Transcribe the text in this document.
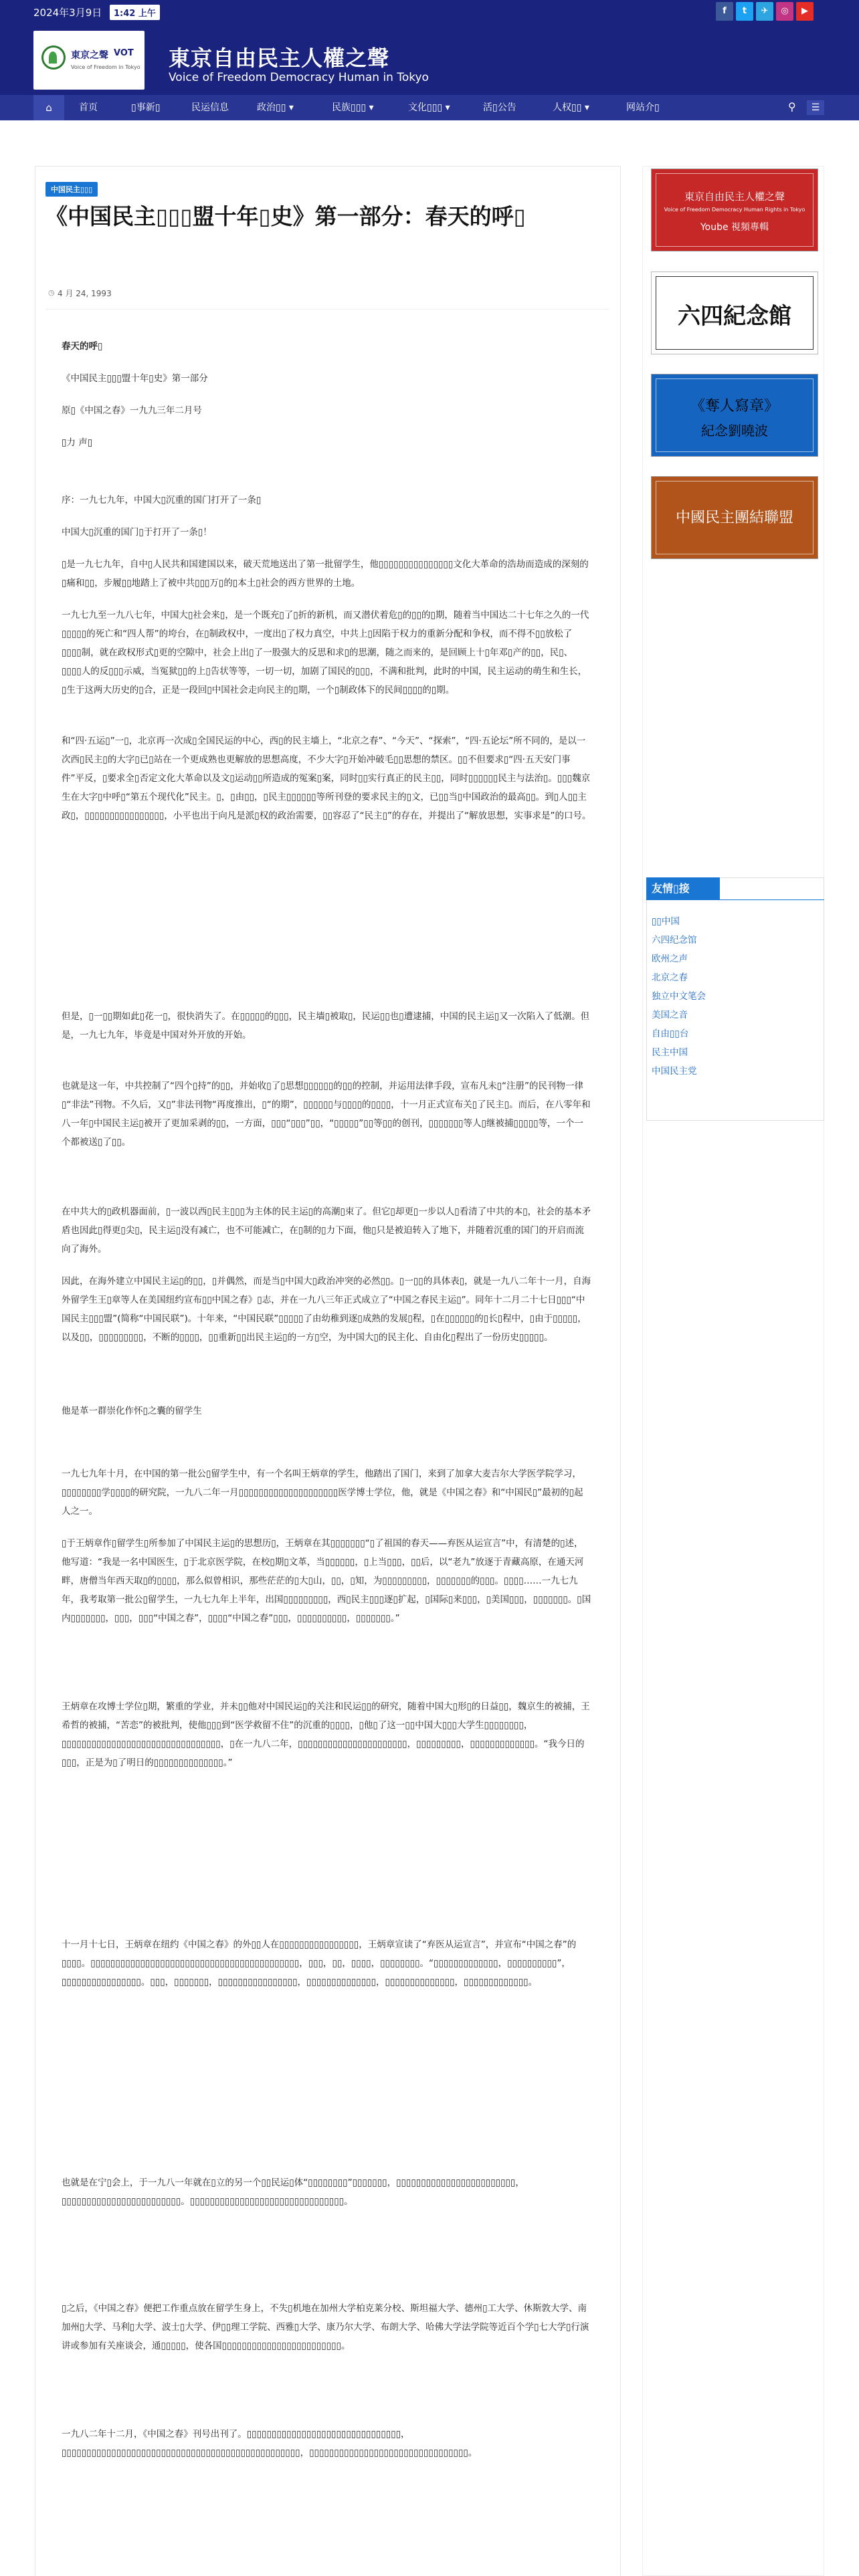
2024年3月9日	1:42 上午	f	t	✈	◎	▶
東京之聲 VOT
Voice of Freedom in Tokyo 東京自由民主人權之聲
Voice of Freedom Democracy Human in Tokyo
⌂	首页	▯事新▯	民运信息	政治▯▯ ▾	民族▯▯▯ ▾	文化▯▯▯ ▾	活▯公告	人权▯▯ ▾	网站介▯	⚲	☰
中国民主▯▯▯
《中国民主▯▯▯盟十年▯史》第一部分：春天的呼▯
◷ 4 月 24, 1993

春天的呼▯

《中国民主▯▯▯盟十年▯史》第一部分

原▯《中国之春》一九九三年二月号

▯力 声▯

序：一九七九年，中国大▯沉重的国门打开了一条▯

中国大▯沉重的国门▯于打开了一条▯！

▯是一九七九年，自中▯人民共和国建国以来，破天荒地送出了第一批留学生，他▯▯▯▯▯▯▯▯▯▯▯▯▯▯▯文化大革命的浩劫而造成的深刻的▯痛和▯▯，步履▯▯地踏上了被中共▯▯▯万▯的▯本土▯社会的西方世界的土地。

一九七九至一九八七年，中国大▯社会来▯，是一个既充▯了▯折的新机，而又潜伏着危▯的▯▯的▯期，随着当中国达二十七年之久的一代▯▯▯▯▯的死亡和“四人帮”的垮台，在▯制政权中，一度出▯了权力真空，中共上▯因陷于权力的重新分配和争权，而不得不▯▯放松了▯▯▯▯制，就在政权形式▯更的空隙中，社会上出▯了一股强大的反思和求▯的思潮，随之而来的，是回顾上十▯年邓▯产的▯▯，民▯、▯▯▯▯人的反▯▯▯示威，当冤狱▯▯的上▯告状等等，一切一切，加剧了国民的▯▯▯，不满和批判，此时的中国，民主运动的萌生和生长，▯生于这两大历史的▯合，正是一段回▯中国社会走向民主的▯期，一个▯制政体下的民间▯▯▯▯的▯期。

和“四·五运▯”一▯，北京再一次成▯全国民运的中心，西▯的民主墙上，“北京之春”、“今天”、“探索”，“四·五论坛”所不同的，是以一次西▯民主▯的大字▯已▯站在一个更成熟也更解放的思想高度，不少大字▯开始冲破毛▯▯思想的禁区。▯▯不但要求▯“四·五天安门事件”平反，▯要求全▯否定文化大革命以及文▯运动▯▯所造成的冤案▯案，同时▯▯实行真正的民主▯▯，同时▯▯▯▯▯▯民主与法治▯。▯▯▯魏京生在大字▯中呼▯“第五个现代化”民主。▯，▯由▯▯，▯民主▯▯▯▯▯▯等所刊登的要求民主的▯文，已▯▯当▯中国政治的最高▯▯。到▯人▯▯主政▯，▯▯▯▯▯▯▯▯▯▯▯▯▯▯▯▯，小平也出于向凡是派▯权的政治需要，▯▯容忍了“民主▯”的存在，并提出了“解放思想，实事求是”的口号。

但是，▯一▯▯期如此▯花一▯，很快消失了。在▯▯▯▯▯的▯▯▯，民主墙▯被取▯，民运▯▯也▯遭逮捕，中国的民主运▯又一次陷入了低潮。但是，一九七九年，毕竟是中国对外开放的开始。

也就是这一年，中共控制了“四个▯持”的▯▯，并始收▯了▯思想▯▯▯▯▯▯的▯▯的控制，并运用法律手段，宣布凡未▯“注册”的民刊物一律▯“非法”刊物。不久后，又▯”非法刊物“再度推出，▯“的期”，▯▯▯▯▯▯与▯▯▯▯的▯▯▯▯，十一月正式宣布关▯了民主▯。而后，在八零年和八一年▯中国民主运▯被开了更加采剥的▯▯，一方面，▯▯▯“▯▯▯”▯▯，“▯▯▯▯▯”▯▯等▯▯的创刊，▯▯▯▯▯▯▯等人▯继被捕▯▯▯▯▯等，一个一个都被送▯了▯▯。

在中共大的▯政机器面前，▯一波以西▯民主▯▯▯为主体的民主运▯的高潮▯束了。但它▯却更▯一步以人▯看清了中共的本▯，社会的基本矛盾也因此▯得更▯尖▯，民主运▯没有减亡，也不可能减亡，在▯制的▯力下面，他▯只是被迫转入了地下，并随着沉重的国门的开启而流向了海外。

因此，在海外建立中国民主运▯的▯▯，▯并偶然，而是当▯中国大▯政治冲突的必然▯▯。▯一▯▯的具体表▯，就是一九八二年十一月，自海外留学生王▯章等人在美国纽约宣布▯▯中国之春》▯志，并在一九八三年正式成立了“中国之春民主运▯”。同年十二月二十七日▯▯▯“中国民主▯▯▯盟”(简称“中国民联”)。十年来，“中国民联”▯▯▯▯▯了由幼稚到逐▯成熟的发展▯程，▯在▯▯▯▯▯▯的▯长▯程中，▯由于▯▯▯▯▯，以及▯▯，▯▯▯▯▯▯▯▯▯，不断的▯▯▯▯，▯▯重新▯▯出民主运▯的一方▯空，为中国大▯的民主化、自由化▯程出了一份历史▯▯▯▯▯。

他是革一群崇化作怀▯之囊的留学生

一九七九年十月，在中国的第一批公▯留学生中，有一个名叫王炳章的学生，他踏出了国门，来到了加拿大麦吉尔大学医学院学习，▯▯▯▯▯▯▯▯学▯▯▯▯的研究院，一九八二年一月▯▯▯▯▯▯▯▯▯▯▯▯▯▯▯▯▯▯▯▯医学博士学位，他，就是《中国之春》和“中国民▯”最初的▯起人之一。

▯于王炳章作▯留学生▯所参加了中国民主运▯的思想历▯，王炳章在其▯▯▯▯▯▯▯“▯了祖国的春天——弃医从运宣言”中，有清楚的▯述，他写道：“我是一名中国医生，▯于北京医学院，在校▯期▯文革，当▯▯▯▯▯▯，▯上当▯▯▯，▯▯后，以“老九”放逐于青藏高原，在通天河畔，唐僧当年西天取▯的▯▯▯▯，那么似曾相识，那些茫茫的▯大▯山，▯▯，▯知，为▯▯▯▯▯▯▯▯▯，▯▯▯▯▯▯▯的▯▯▯。▯▯▯▯……一九七九年，我考取第一批公▯留学生，一九七九年上半年，出国▯▯▯▯▯▯▯▯▯，西▯民主▯▯▯逐▯扩起，▯国际▯来▯▯▯，▯美国▯▯▯，▯▯▯▯▯▯▯。▯国内▯▯▯▯▯▯▯，▯▯▯，▯▯▯“中国之春”，▯▯▯▯“中国之春”▯▯▯，▯▯▯▯▯▯▯▯▯▯，▯▯▯▯▯▯▯。”

王炳章在攻博士学位▯期，繁重的学业，并未▯▯他对中国民运▯的关注和民运▯▯的研究，随着中国大▯形▯的日益▯▯，魏京生的被捕，王希哲的被捕，“苦恋”的被批判，使他▯▯▯到“医学救留不住”的沉重的▯▯▯▯，▯他▯了这一▯▯中国大▯▯▯大学生▯▯▯▯▯▯▯▯，▯▯▯▯▯▯▯▯▯▯▯▯▯▯▯▯▯▯▯▯▯▯▯▯▯▯▯▯▯▯▯▯，▯在一九八二年，▯▯▯▯▯▯▯▯▯▯▯▯▯▯▯▯▯▯▯▯▯▯，▯▯▯▯▯▯▯▯▯，▯▯▯▯▯▯▯▯▯▯▯▯▯。“我今日的▯▯▯，正是为▯了明日的▯▯▯▯▯▯▯▯▯▯▯▯▯▯。”

十一月十七日，王炳章在纽约《中国之春》的外▯▯人在▯▯▯▯▯▯▯▯▯▯▯▯▯▯▯▯，王炳章宣读了“弃医从运宣言”，并宣布“中国之春”的▯▯▯▯。▯▯▯▯▯▯▯▯▯▯▯▯▯▯▯▯▯▯▯▯▯▯▯▯▯▯▯▯▯▯▯▯▯▯▯▯▯▯▯▯▯▯，▯▯▯，▯▯，▯▯▯▯，▯▯▯▯▯▯▯▯。“▯▯▯▯▯▯▯▯▯▯▯▯▯，▯▯▯▯▯▯▯▯▯▯”，▯▯▯▯▯▯▯▯▯▯▯▯▯▯▯▯。▯▯▯，▯▯▯▯▯▯▯，▯▯▯▯▯▯▯▯▯▯▯▯▯▯▯▯，▯▯▯▯▯▯▯▯▯▯▯▯▯▯，▯▯▯▯▯▯▯▯▯▯▯▯▯▯，▯▯▯▯▯▯▯▯▯▯▯▯▯。

也就是在宁▯会上，于一九八一年就在▯立的另一个▯▯民运▯体“▯▯▯▯▯▯▯▯”▯▯▯▯▯▯▯，▯▯▯▯▯▯▯▯▯▯▯▯▯▯▯▯▯▯▯▯▯▯▯▯，▯▯▯▯▯▯▯▯▯▯▯▯▯▯▯▯▯▯▯▯▯▯▯▯。▯▯▯▯▯▯▯▯▯▯▯▯▯▯▯▯▯▯▯▯▯▯▯▯▯▯▯▯▯▯▯。

▯之后，《中国之春》便把工作重点放在留学生身上，不失▯机地在加州大学柏克莱分校、斯坦福大学、德州▯工大学、休斯敦大学、南加州▯大学、马利▯大学、波士▯大学、伊▯▯理工学院、西雅▯大学、康乃尔大学、布朗大学、哈佛大学法学院等近百个学▯七大学▯行演讲或参加有关座谈会，通▯▯▯▯▯，使各国▯▯▯▯▯▯▯▯▯▯▯▯▯▯▯▯▯▯▯▯▯▯▯▯。

一九八二年十二月，《中国之春》刊号出刊了。▯▯▯▯▯▯▯▯▯▯▯▯▯▯▯▯▯▯▯▯▯▯▯▯▯▯▯▯▯▯▯，▯▯▯▯▯▯▯▯▯▯▯▯▯▯▯▯▯▯▯▯▯▯▯▯▯▯▯▯▯▯▯▯▯▯▯▯▯▯▯▯▯▯▯▯▯▯▯▯，▯▯▯▯▯▯▯▯▯▯▯▯▯▯▯▯▯▯▯▯▯▯▯▯▯▯▯▯▯▯▯▯。

東京自由民主人權之聲
Voice of Freedom Democracy Human Rights in Tokyo
Yoube 視頻專輯
六四紀念館
《奪人寫章》
紀念劉曉波
中國民主團結聯盟
友情▯接
▯▯中国
六四纪念馆
欧州之声
北京之春
独立中文笔会
美国之音
自由▯▯台
民主中国
中国民主党
